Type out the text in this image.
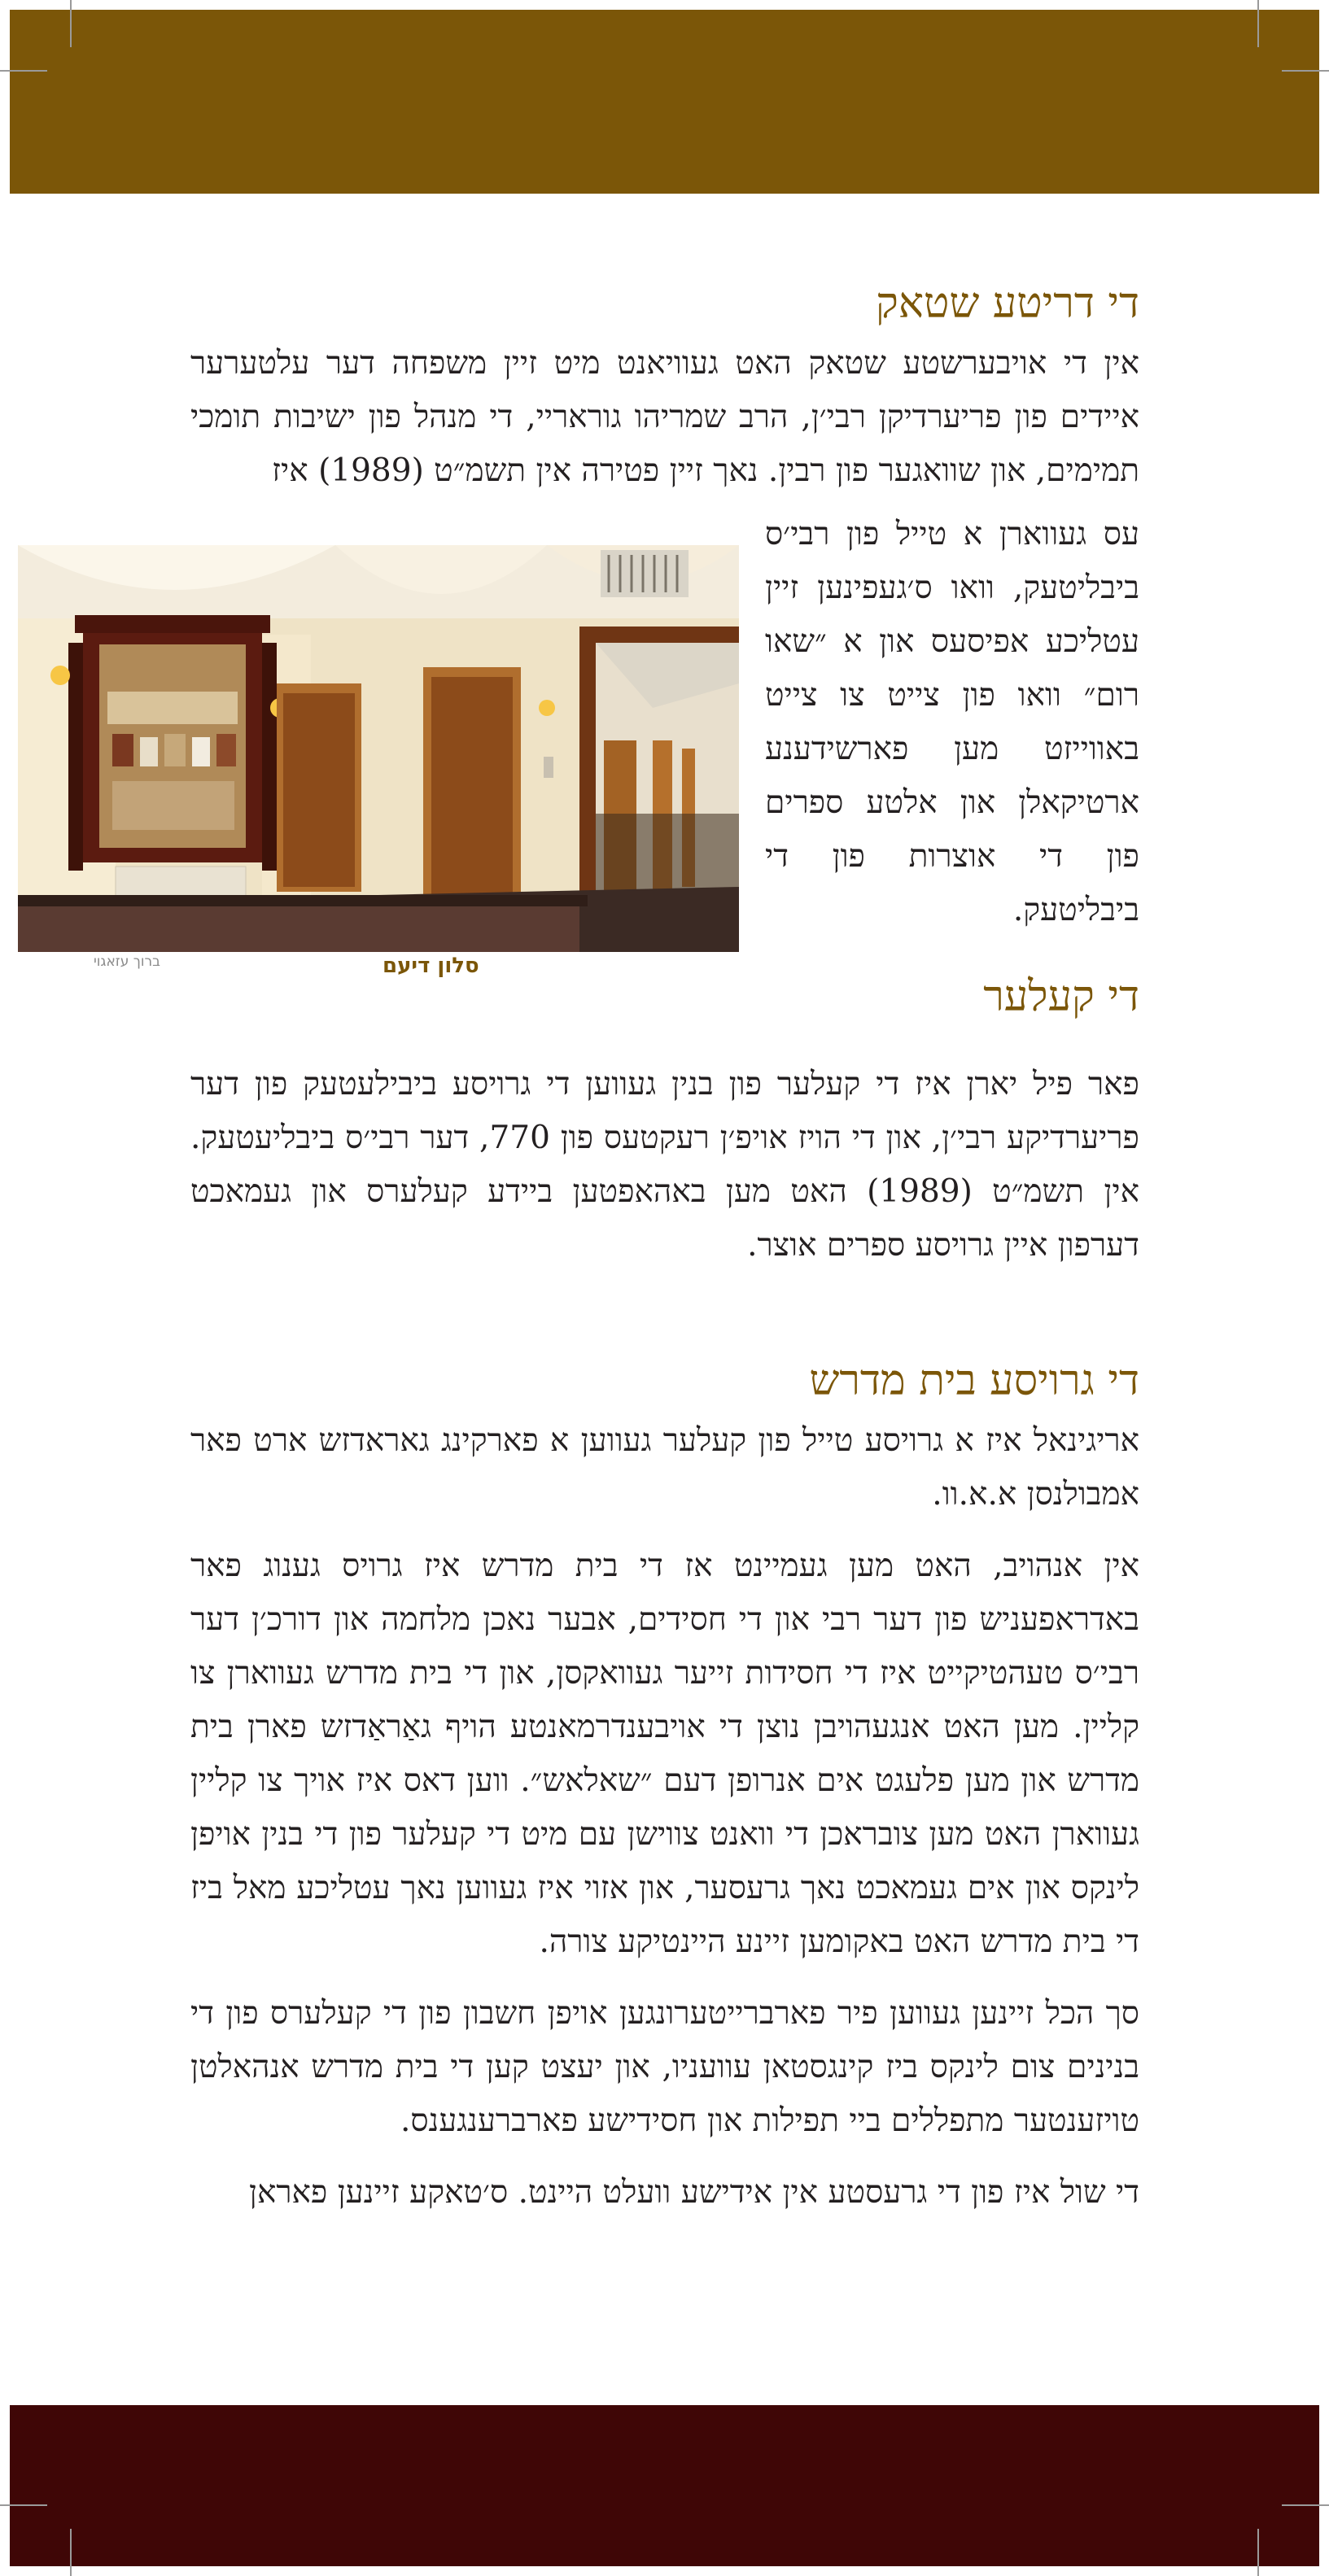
די דריטע שטאק

אין די אויבערשטע שטאק האט געוויאנט מיט זיין משפחה דער עלטערער איידים פון פריערדיקן רבי׳ן, הרב שמריהו גוראריי, די מנהל פון ישיבות תומכי תמימים, און שוואגער פון רבין. נאך זיין פטירה אין תשמ״ט (1989) איז

סלון דיעם
ברוך עזאגוי

עס געווארן א טייל פון רבי׳ס ביבליטעק, וואו ס׳געפינען זיין עטליכע אפיסעס און א ״שאו רום״ וואו פון צייט צו צייט באווייזט מען פארשידענע ארטיקאלן און אלטע ספרים פון די אוצרות פון די ביבליטעק.

די קעלער

פאר פיל יארן איז די קעלער פון בנין געווען די גרויסע ביבילעטעק פון דער פריערדיקע רבי׳ן, און די הויז אויפ׳ן רעקטעס פון 770, דער רבי׳ס ביבליעטעק. אין תשמ״ט (1989) האט מען באהאפטען ביידע קעלערס און געמאכט דערפון איין גרויסע ספרים אוצר.

די גרויסע בית מדרש

אריגינאל איז א גרויסע טייל פון קעלער געווען א פארקינג גאראדזש ארט פאר אמבולנסן א.א.וו.

אין אנהויב, האט מען געמיינט אז די בית מדרש איז גרויס גענוג פאר באדראפעניש פון דער רבי און די חסידים, אבער נאכן מלחמה און דורכ׳ן דער רבי׳ס טעהטיקייט איז די חסידות זייער געוואקסן, און די בית מדרש געווארן צו קליין. מען האט אנגעהויבן נוצן די אויבענדרמאנטע הויף גאַראַדזש פארן בית מדרש און מען פלעגט אים אנרופן דעם ״שאלאש״. ווען דאס איז אויך צו קליין געווארן האט מען צובראכן די וואנט צווישן עם מיט די קעלער פון די בנין אויפן לינקס און אים געמאכט נאך גרעסער, און אזוי איז געווען נאך עטליכע מאל ביז די בית מדרש האט באקומען זיינע היינטיקע צורה.

סך הכל זיינען געווען פיר פארברייטערונגען אויפן חשבון פון די קעלערס פון די בנינים צום לינקס ביז קינגסטאן עוועניו, און יעצט קען די בית מדרש אנהאלטן טויזענטער מתפללים ביי תפילות און חסידישע פארברענגענס.

די שול איז פון די גרעסטע אין אידישע וועלט היינט. ס׳טאקע זיינען פאראן
